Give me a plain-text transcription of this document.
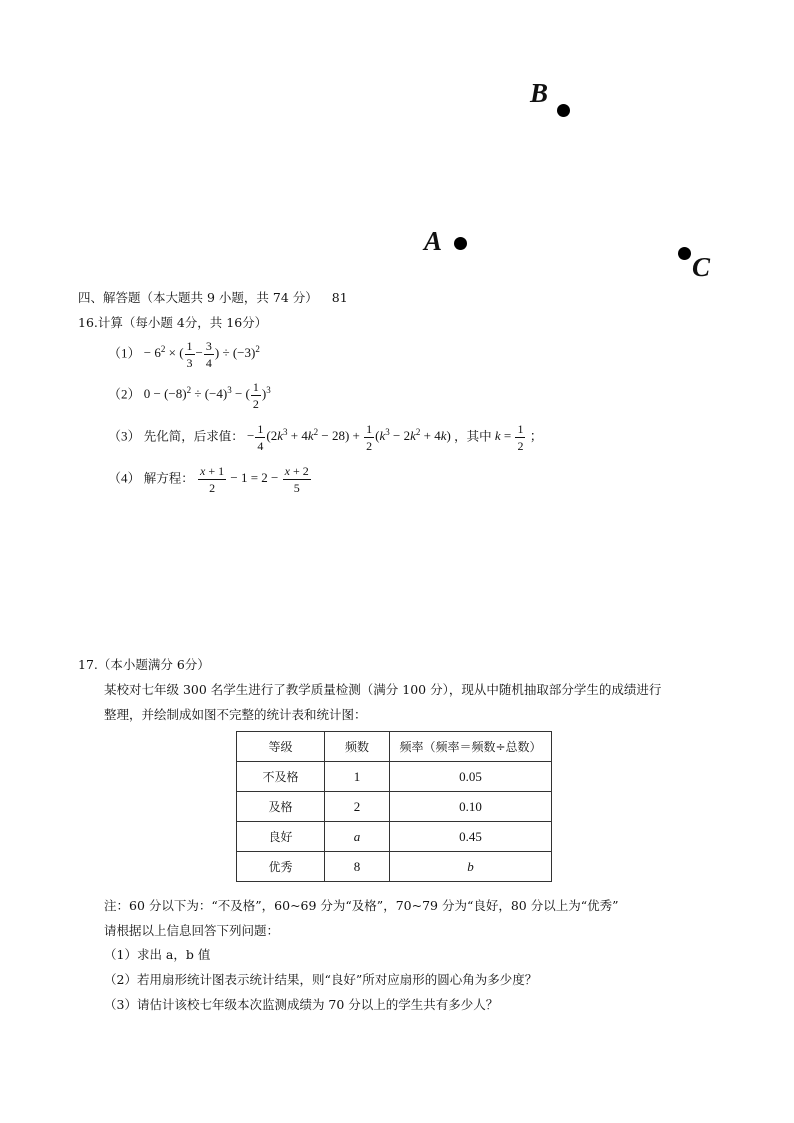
B
A
C
四、解答题（本大题共 9 小题，共 74 分） 81
16.计算（每小题 4分，共 16分）
$(1) - 6^2$ × ( $\frac{1}{3} - \frac{3}{4}$ ) ÷ $(-3)^2$
（2） $0 - (-8)^2 \div (-4)^3$ − ( $\frac{1}{2} )^3$
（3） 先化简，后求值： − $\frac{1}{4} (2k^3 + 4k^2 - 28) + \frac{1}{2} (k^3 - 2k^2 + 4k)$ ，其中 $k = \frac{1}{2}$ ；
（4） 解方程： $\frac{x + 1}{2} - 1 = 2 - \frac{x + 2}{5}$
17.（本小题满分 6分）
某校对七年级 300 名学生进行了教学质量检测（满分 100 分），现从中随机抽取部分学生的成绩进行
整理，并绘制成如图不完整的统计表和统计图：
等级	频数	频率（频率＝频数÷总数）
不及格	1	0.05
及格	2	0.10
良好	a	0.45
优秀	8	b
注：60 分以下为：“不及格”，60~69 分为“及格”，70~79 分为“良好，80 分以上为“优秀”
请根据以上信息回答下列问题：
（1）求出 a，b 值
（2）若用扇形统计图表示统计结果，则“良好”所对应扇形的圆心角为多少度？
（3）请估计该校七年级本次监测成绩为 70 分以上的学生共有多少人？
